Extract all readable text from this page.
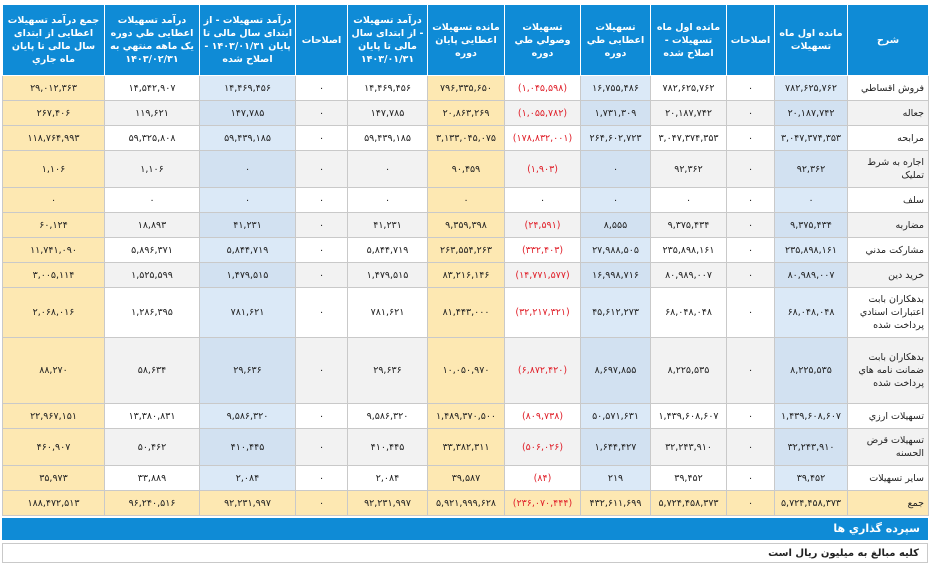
شرح	مانده اول ماه تسهیلات	اصلاحات	مانده اول ماه تسهیلات - اصلاح شده	تسهیلات اعطایی طي دوره	تسهیلات وصولي طي دوره	مانده تسهیلات اعطایی پایان دوره	درآمد تسهیلات - از ابتدای سال مالی تا پایان ۱۴۰۳/۰۱/۳۱	اصلاحات	درآمد تسهیلات - از ابتدای سال مالی تا پایان ۱۴۰۳/۰۱/۳۱ - اصلاح شده	درآمد تسهیلات اعطایی طي دوره یک ماهه منتهي به ۱۴۰۳/۰۲/۳۱	جمع درآمد تسهیلات اعطایی از ابتدای سال مالی تا پایان ماه جاري
فروش اقساطي	۷۸۲,۶۲۵,۷۶۲	۰	۷۸۲,۶۲۵,۷۶۲	۱۶,۷۵۵,۴۸۶	(۱,۰۴۵,۵۹۸)	۷۹۶,۳۳۵,۶۵۰	۱۴,۴۶۹,۴۵۶	۰	۱۴,۴۶۹,۴۵۶	۱۴,۵۴۲,۹۰۷	۲۹,۰۱۲,۳۶۳
جعاله	۲۰,۱۸۷,۷۴۲	۰	۲۰,۱۸۷,۷۴۲	۱,۷۳۱,۳۰۹	(۱,۰۵۵,۷۸۲)	۲۰,۸۶۳,۲۶۹	۱۴۷,۷۸۵	۰	۱۴۷,۷۸۵	۱۱۹,۶۲۱	۲۶۷,۴۰۶
مرابحه	۳,۰۴۷,۳۷۴,۳۵۳	۰	۳,۰۴۷,۳۷۴,۳۵۳	۲۶۴,۶۰۲,۷۲۳	(۱۷۸,۸۳۲,۰۰۱)	۳,۱۳۳,۰۴۵,۰۷۵	۵۹,۴۳۹,۱۸۵	۰	۵۹,۴۳۹,۱۸۵	۵۹,۳۲۵,۸۰۸	۱۱۸,۷۶۴,۹۹۳
اجاره به شرط تمليک	۹۲,۳۶۲	۰	۹۲,۳۶۲	۰	(۱,۹۰۳)	۹۰,۴۵۹	۰	۰	۰	۱,۱۰۶	۱,۱۰۶
سلف	۰	۰	۰	۰	۰	۰	۰	۰	۰	۰	۰
مضاربه	۹,۳۷۵,۴۳۴	۰	۹,۳۷۵,۴۳۴	۸,۵۵۵	(۲۴,۵۹۱)	۹,۳۵۹,۳۹۸	۴۱,۲۳۱	۰	۴۱,۲۳۱	۱۸,۸۹۳	۶۰,۱۲۴
مشارکت مدني	۲۳۵,۸۹۸,۱۶۱	۰	۲۳۵,۸۹۸,۱۶۱	۲۷,۹۸۸,۵۰۵	(۳۳۲,۴۰۳)	۲۶۳,۵۵۴,۲۶۳	۵,۸۴۴,۷۱۹	۰	۵,۸۴۴,۷۱۹	۵,۸۹۶,۳۷۱	۱۱,۷۴۱,۰۹۰
خريد دين	۸۰,۹۸۹,۰۰۷	۰	۸۰,۹۸۹,۰۰۷	۱۶,۹۹۸,۷۱۶	(۱۴,۷۷۱,۵۷۷)	۸۳,۲۱۶,۱۴۶	۱,۴۷۹,۵۱۵	۰	۱,۴۷۹,۵۱۵	۱,۵۲۵,۵۹۹	۳,۰۰۵,۱۱۴
بدهکاران بابت اعتبارات اسنادي پرداخت شده	۶۸,۰۴۸,۰۴۸	۰	۶۸,۰۴۸,۰۴۸	۴۵,۶۱۲,۲۷۳	(۳۲,۲۱۷,۳۲۱)	۸۱,۴۴۳,۰۰۰	۷۸۱,۶۲۱	۰	۷۸۱,۶۲۱	۱,۲۸۶,۳۹۵	۲,۰۶۸,۰۱۶
بدهکاران بابت ضمانت نامه هاي پرداخت شده	۸,۲۲۵,۵۳۵	۰	۸,۲۲۵,۵۳۵	۸,۶۹۷,۸۵۵	(۶,۸۷۲,۴۲۰)	۱۰,۰۵۰,۹۷۰	۲۹,۶۳۶	۰	۲۹,۶۳۶	۵۸,۶۳۴	۸۸,۲۷۰
تسهيلات ارزي	۱,۴۳۹,۶۰۸,۶۰۷	۰	۱,۴۳۹,۶۰۸,۶۰۷	۵۰,۵۷۱,۶۳۱	(۸۰۹,۷۳۸)	۱,۴۸۹,۳۷۰,۵۰۰	۹,۵۸۶,۳۲۰	۰	۹,۵۸۶,۳۲۰	۱۳,۳۸۰,۸۳۱	۲۲,۹۶۷,۱۵۱
تسهيلات قرض الحسنه	۳۲,۲۴۳,۹۱۰	۰	۳۲,۲۴۳,۹۱۰	۱,۶۴۴,۴۲۷	(۵۰۶,۰۲۶)	۳۳,۳۸۲,۳۱۱	۴۱۰,۴۴۵	۰	۴۱۰,۴۴۵	۵۰,۴۶۲	۴۶۰,۹۰۷
ساير تسهيلات	۳۹,۴۵۲	۰	۳۹,۴۵۲	۲۱۹	(۸۴)	۳۹,۵۸۷	۲,۰۸۴	۰	۲,۰۸۴	۳۳,۸۸۹	۳۵,۹۷۳
جمع	۵,۷۲۴,۴۵۸,۳۷۳	۰	۵,۷۲۴,۴۵۸,۳۷۳	۴۳۲,۶۱۱,۶۹۹	(۲۳۶,۰۷۰,۴۴۴)	۵,۹۲۱,۹۹۹,۶۲۸	۹۲,۲۳۱,۹۹۷	۰	۹۲,۲۳۱,۹۹۷	۹۶,۲۴۰,۵۱۶	۱۸۸,۴۷۲,۵۱۳
سپرده گذاري ها
کليه مبالغ به ميليون ريال است
